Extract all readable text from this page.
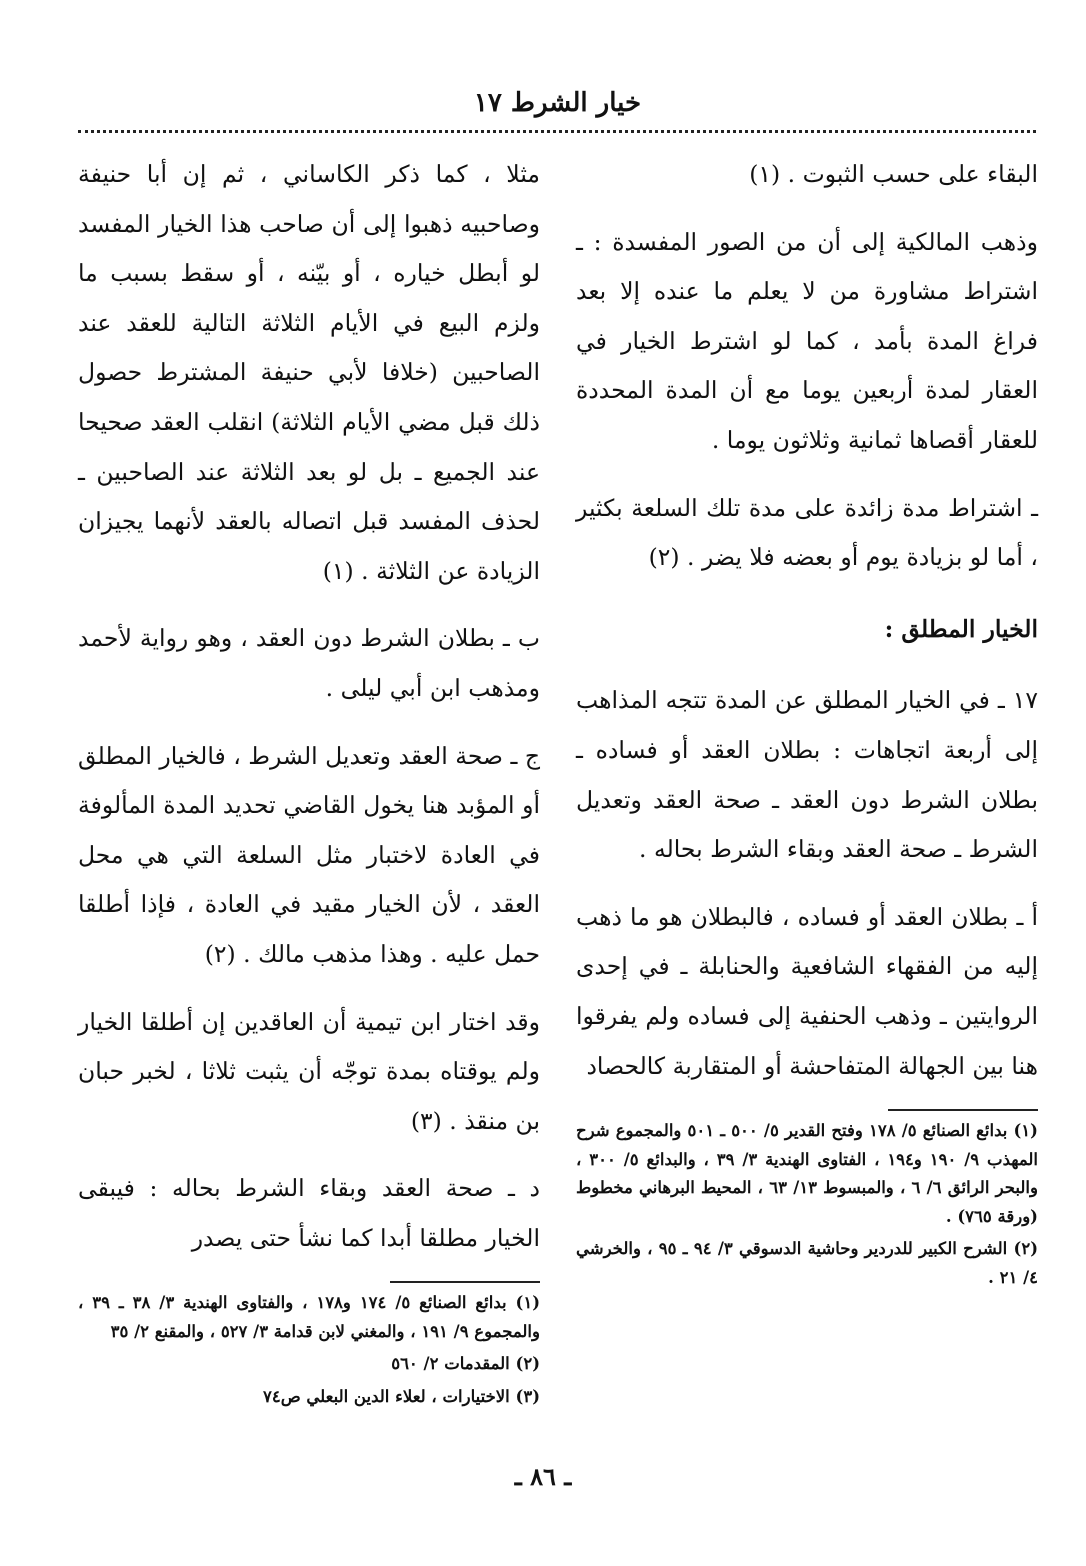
خيار الشرط ١٧

البقاء على حسب الثبوت . (١)

وذهب المالكية إلى أن من الصور المفسدة : ـ اشتراط مشاورة من لا يعلم ما عنده إلا بعد فراغ المدة بأمد ، كما لو اشترط الخيار في العقار لمدة أربعين يوما مع أن المدة المحددة للعقار أقصاها ثمانية وثلاثون يوما .

ـ اشتراط مدة زائدة على مدة تلك السلعة بكثير ، أما لو بزيادة يوم أو بعضه فلا يضر . (٢)

الخيار المطلق :

١٧ ـ في الخيار المطلق عن المدة تتجه المذاهب إلى أربعة اتجاهات : بطلان العقد أو فساده ـ بطلان الشرط دون العقد ـ صحة العقد وتعديل الشرط ـ صحة العقد وبقاء الشرط بحاله .

أ ـ بطلان العقد أو فساده ، فالبطلان هو ما ذهب إليه من الفقهاء الشافعية والحنابلة ـ في إحدى الروايتين ـ وذهب الحنفية إلى فساده ولم يفرقوا هنا بين الجهالة المتفاحشة أو المتقاربة كالحصاد

(١) بدائع الصنائع ٥/ ١٧٨ وفتح القدير ٥/ ٥٠٠ ـ ٥٠١ والمجموع شرح المهذب ٩/ ١٩٠ و١٩٤ ، الفتاوى الهندية ٣/ ٣٩ ، والبدائع ٥/ ٣٠٠ ، والبحر الرائق ٦/ ٦ ، والمبسوط ١٣/ ٦٣ ، المحيط البرهاني مخطوط (ورقة ٧٦٥) .

(٢) الشرح الكبير للدردير وحاشية الدسوقي ٣/ ٩٤ ـ ٩٥ ، والخرشي ٤/ ٢١ .

مثلا ، كما ذكر الكاساني ، ثم إن أبا حنيفة وصاحبيه ذهبوا إلى أن صاحب هذا الخيار المفسد لو أبطل خياره ، أو بيّنه ، أو سقط بسبب ما ولزم البيع في الأيام الثلاثة التالية للعقد عند الصاحبين (خلافا لأبي حنيفة المشترط حصول ذلك قبل مضي الأيام الثلاثة) انقلب العقد صحيحا عند الجميع ـ بل لو بعد الثلاثة عند الصاحبين ـ لحذف المفسد قبل اتصاله بالعقد لأنهما يجيزان الزيادة عن الثلاثة . (١)

ب ـ بطلان الشرط دون العقد ، وهو رواية لأحمد ومذهب ابن أبي ليلى .

ج ـ صحة العقد وتعديل الشرط ، فالخيار المطلق أو المؤبد هنا يخول القاضي تحديد المدة المألوفة في العادة لاختبار مثل السلعة التي هي محل العقد ، لأن الخيار مقيد في العادة ، فإذا أطلقا حمل عليه . وهذا مذهب مالك . (٢)

وقد اختار ابن تيمية أن العاقدين إن أطلقا الخيار ولم يوقتاه بمدة توجّه أن يثبت ثلاثا ، لخبر حبان بن منقذ . (٣)

د ـ صحة العقد وبقاء الشرط بحاله : فيبقى الخيار مطلقا أبدا كما نشأ حتى يصدر

(١) بدائع الصنائع ٥/ ١٧٤ و١٧٨ ، والفتاوى الهندية ٣/ ٣٨ ـ ٣٩ ، والمجموع ٩/ ١٩١ ، والمغني لابن قدامة ٣/ ٥٢٧ ، والمقنع ٢/ ٣٥

(٢) المقدمات ٢/ ٥٦٠

(٣) الاختيارات ، لعلاء الدين البعلي ص٧٤

ـ ٨٦ ـ
